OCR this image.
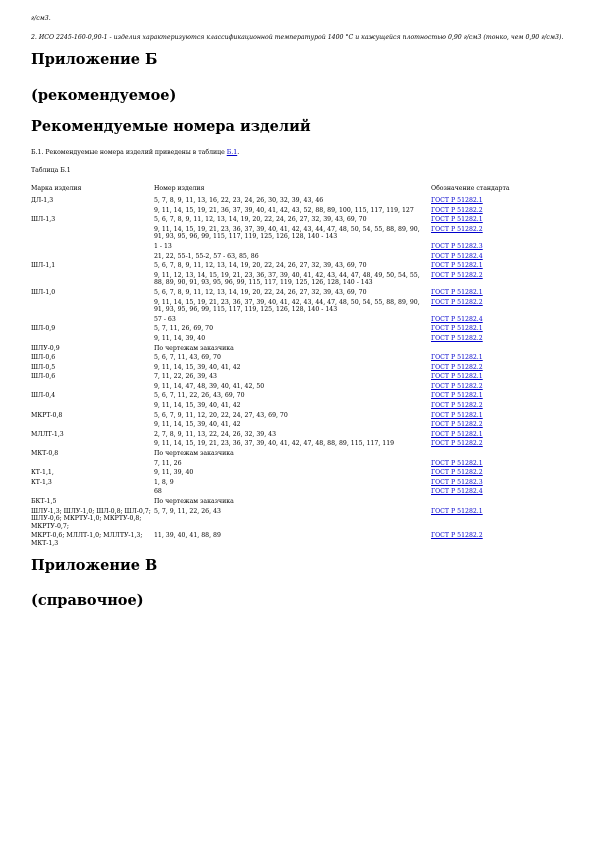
г/см3.
2. ИСО 2245-160-0,90-1 - изделия характеризуются классификационной температурой 1400 °C и кажущейся плотностью 0,90 г/см3 (тонко, чем 0,90 г/см3).
Приложение Б
(рекомендуемое)
Рекомендуемые номера изделий
Б.1. Рекомендуемые номера изделий приведены в таблице Б.1.
Таблица Б.1
Марка изделия	Номер изделия	Обозначение стандарта
ДЛ-1,3	5, 7, 8, 9, 11, 13, 16, 22, 23, 24, 26, 30, 32, 39, 43, 46	ГОСТ Р 51282.1
	9, 11, 14, 15, 19, 21, 36, 37, 39, 40, 41, 42, 43, 52, 88, 89, 100, 115, 117, 119, 127	ГОСТ Р 51282.2
ШЛ-1,3	5, 6, 7, 8, 9, 11, 12, 13, 14, 19, 20, 22, 24, 26, 27, 32, 39, 43, 69, 70	ГОСТ Р 51282.1
	9, 11, 14, 15, 19, 21, 23, 36, 37, 39, 40, 41, 42, 43, 44, 47, 48, 50, 54, 55, 88, 89, 90, 91, 93, 95, 96, 99, 115, 117, 119, 125, 126, 128, 140 - 143	ГОСТ Р 51282.2
	1 - 13	ГОСТ Р 51282.3
	21, 22, 55-1, 55-2, 57 - 63, 85, 86	ГОСТ Р 51282.4
ШЛ-1,1	5, 6, 7, 8, 9, 11, 12, 13, 14, 19, 20, 22, 24, 26, 27, 32, 39, 43, 69, 70	ГОСТ Р 51282.1
	9, 11, 12, 13, 14, 15, 19, 21, 23, 36, 37, 39, 40, 41, 42, 43, 44, 47, 48, 49, 50, 54, 55, 88, 89, 90, 91, 93, 95, 96, 99, 115, 117, 119, 125, 126, 128, 140 - 143	ГОСТ Р 51282.2
ШЛ-1,0	5, 6, 7, 8, 9, 11, 12, 13, 14, 19, 20, 22, 24, 26, 27, 32, 39, 43, 69, 70	ГОСТ Р 51282.1
	9, 11, 14, 15, 19, 21, 23, 36, 37, 39, 40, 41, 42, 43, 44, 47, 48, 50, 54, 55, 88, 89, 90, 91, 93, 95, 96, 99, 115, 117, 119, 125, 126, 128, 140 - 143	ГОСТ Р 51282.2
	57 - 63	ГОСТ Р 51282.4
ШЛ-0,9	5, 7, 11, 26, 69, 70	ГОСТ Р 51282.1
	9, 11, 14, 39, 40	ГОСТ Р 51282.2
ШЛУ-0,9	По чертежам заказчика	
ШЛ-0,6	5, 6, 7, 11, 43, 69, 70	ГОСТ Р 51282.1
ШЛ-0,5	9, 11, 14, 15, 39, 40, 41, 42	ГОСТ Р 51282.2
ШЛ-0,6	7, 11, 22, 26, 39, 43	ГОСТ Р 51282.1
	9, 11, 14, 47, 48, 39, 40, 41, 42, 50	ГОСТ Р 51282.2
ШЛ-0,4	5, 6, 7, 11, 22, 26, 43, 69, 70	ГОСТ Р 51282.1
	9, 11, 14, 15, 39, 40, 41, 42	ГОСТ Р 51282.2
МКРТ-0,8	5, 6, 7, 9, 11, 12, 20, 22, 24, 27, 43, 69, 70	ГОСТ Р 51282.1
	9, 11, 14, 15, 39, 40, 41, 42	ГОСТ Р 51282.2
МЛЛТ-1,3	2, 7, 8, 9, 11, 13, 22, 24, 26, 32, 39, 43	ГОСТ Р 51282.1
	9, 11, 14, 15, 19, 21, 23, 36, 37, 39, 40, 41, 42, 47, 48, 88, 89, 115, 117, 119	ГОСТ Р 51282.2
МКТ-0,8	По чертежам заказчика	
	7, 11, 26	ГОСТ Р 51282.1
КТ-1,1,	9, 11, 39, 40	ГОСТ Р 51282.2
КТ-1,3	1, 8, 9	ГОСТ Р 51282.3
	68	ГОСТ Р 51282.4
БКТ-1,5	По чертежам заказчика	
ШЛУ-1,3; ШЛУ-1,0; ШЛ-0,8; ШЛ-0,7; ШЛУ-0,6; МКРТУ-1,0; МКРТУ-0,8; МКРТУ-0,7;	5, 7, 9, 11, 22, 26, 43	ГОСТ Р 51282.1
МКРТ-0,6; МЛЛТ-1,0; МЛЛТУ-1,3; МКТ-1,3	11, 39, 40, 41, 88, 89	ГОСТ Р 51282.2
Приложение В
(справочное)
